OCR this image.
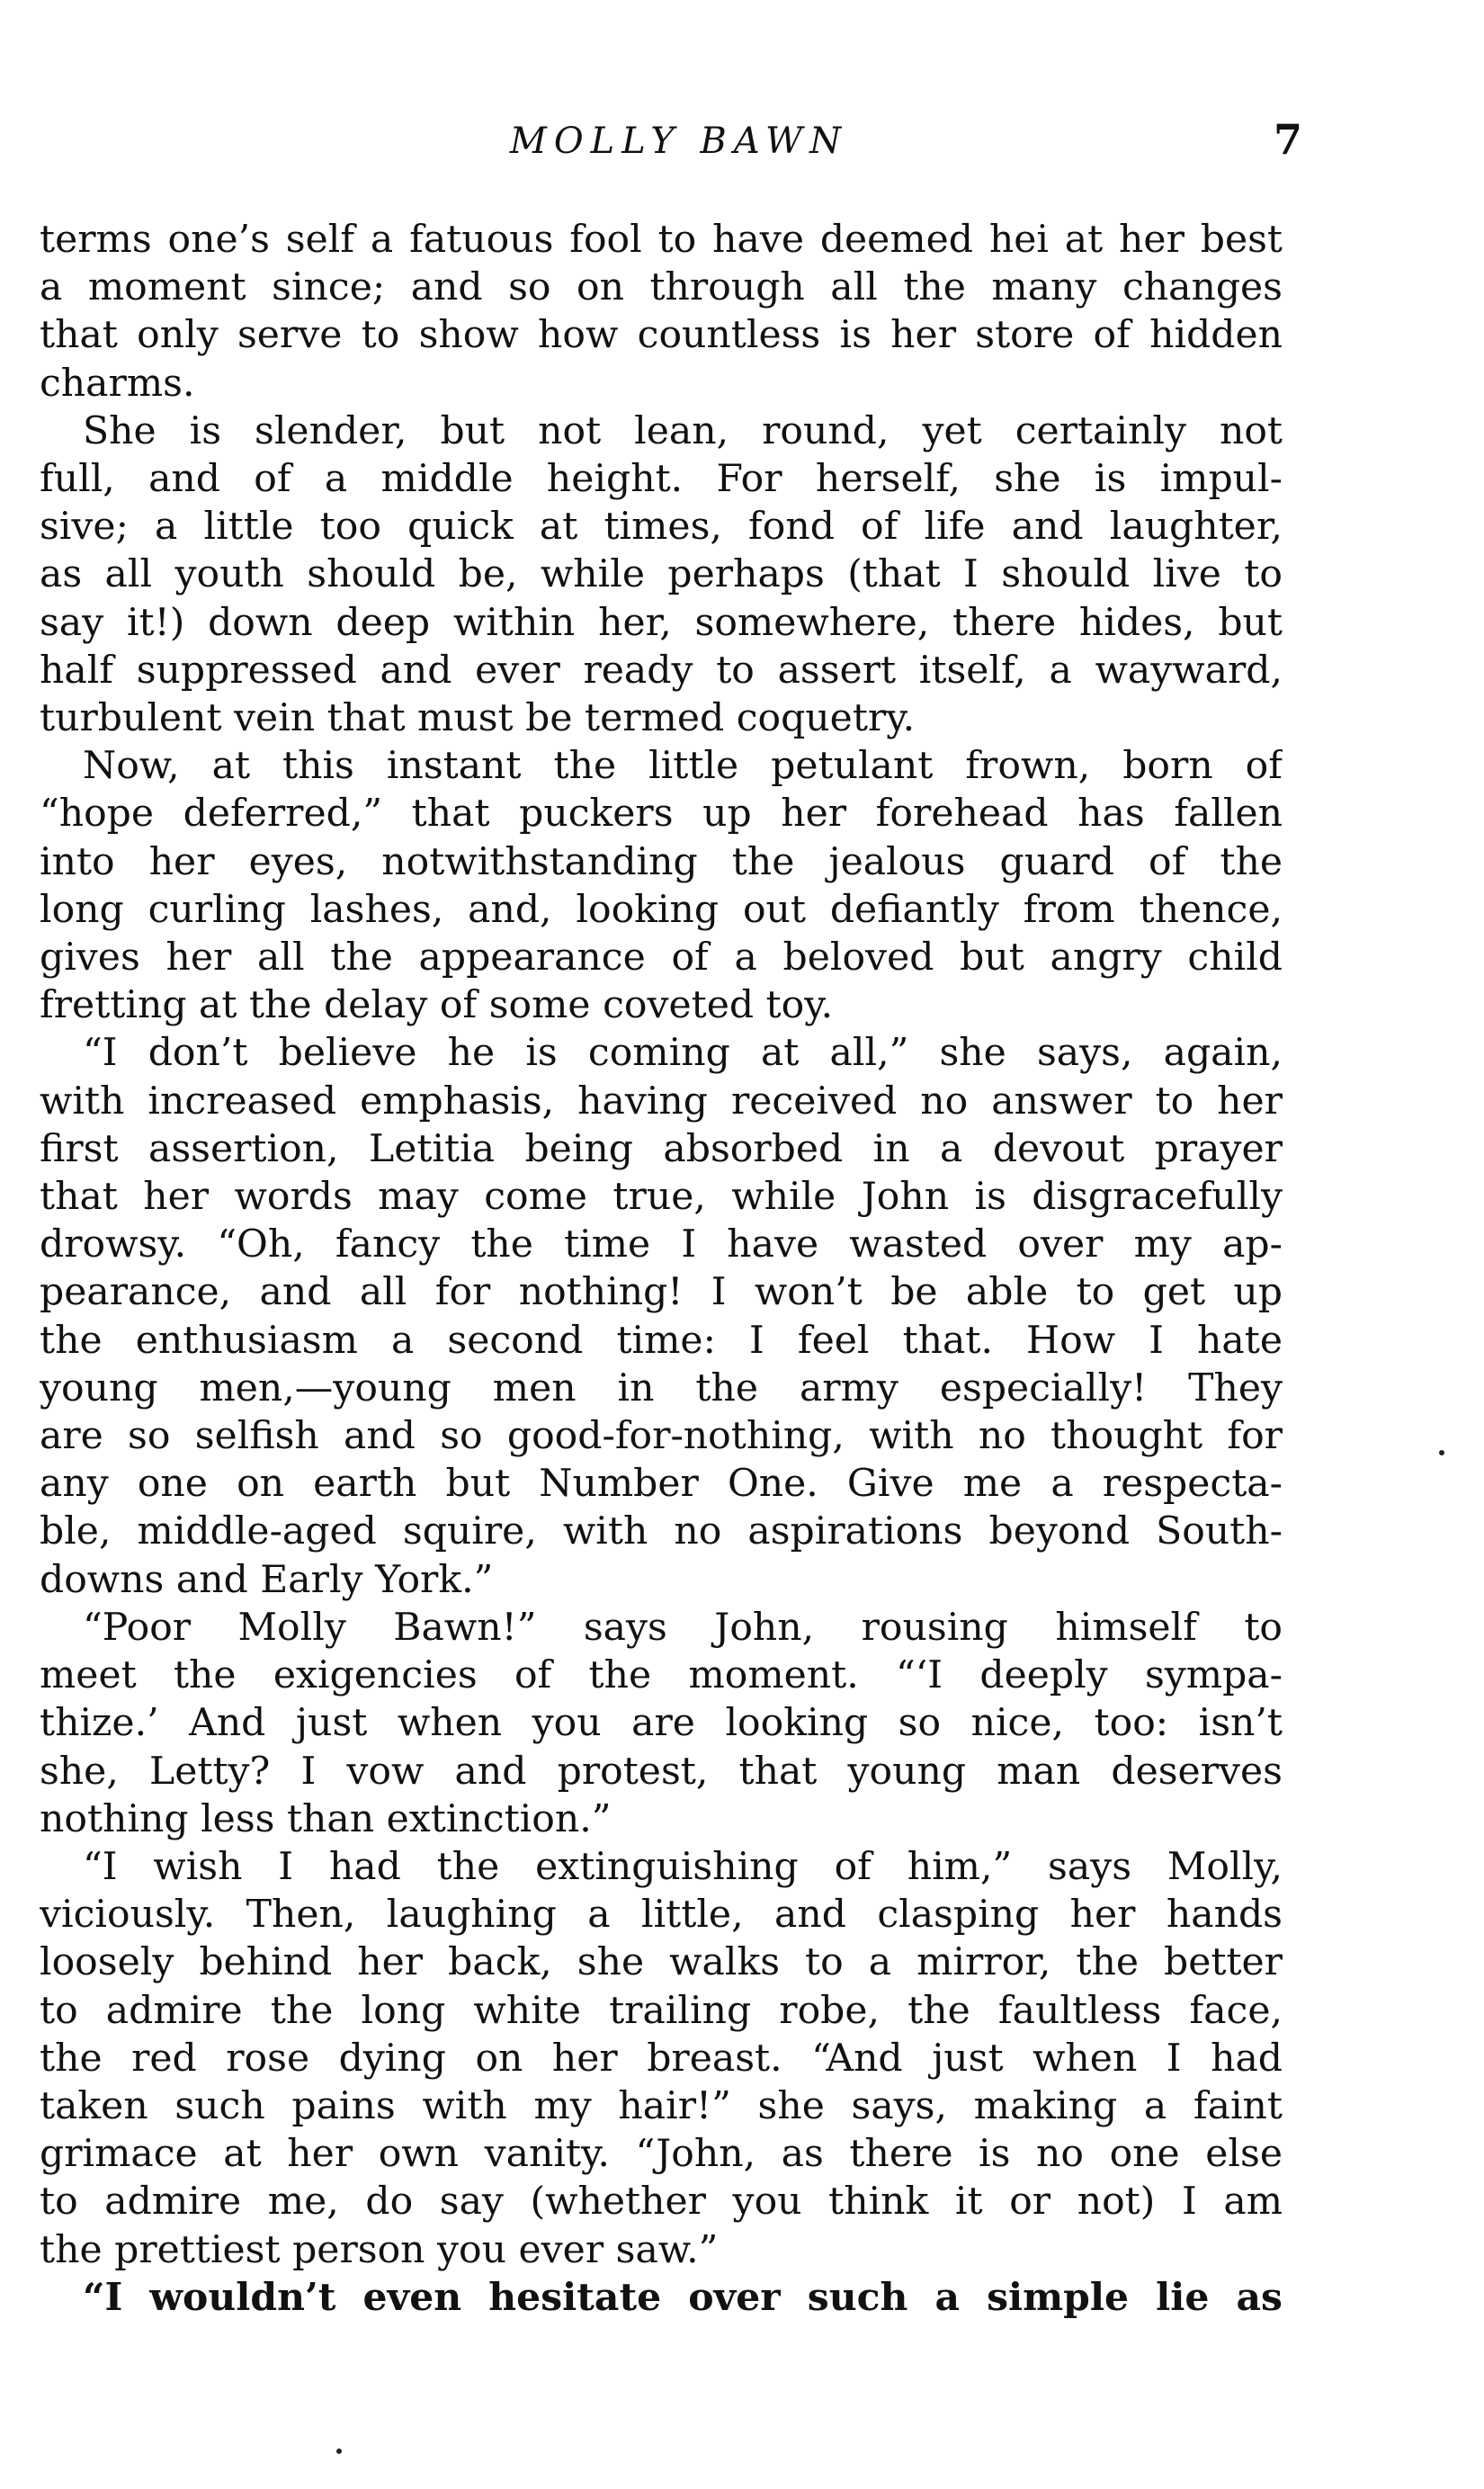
MOLLY BAWN	7
terms one’s self a fatuous fool to have deemed hei at her best
a moment since; and so on through all the many changes
that only serve to show how countless is her store of hidden
charms.
She is slender, but not lean, round, yet certainly not
full, and of a middle height. For herself, she is impul-
sive; a little too quick at times, fond of life and laughter,
as all youth should be, while perhaps (that I should live to
say it!) down deep within her, somewhere, there hides, but
half suppressed and ever ready to assert itself, a wayward,
turbulent vein that must be termed coquetry.
Now, at this instant the little petulant frown, born of
“hope deferred,” that puckers up her forehead has fallen
into her eyes, notwithstanding the jealous guard of the
long curling lashes, and, looking out defiantly from thence,
gives her all the appearance of a beloved but angry child
fretting at the delay of some coveted toy.
“I don’t believe he is coming at all,” she says, again,
with increased emphasis, having received no answer to her
first assertion, Letitia being absorbed in a devout prayer
that her words may come true, while John is disgracefully
drowsy. “Oh, fancy the time I have wasted over my ap-
pearance, and all for nothing! I won’t be able to get up
the enthusiasm a second time: I feel that. How I hate
young men,—young men in the army especially! They
are so selfish and so good-for-nothing, with no thought for
any one on earth but Number One. Give me a respecta-
ble, middle-aged squire, with no aspirations beyond South-
downs and Early York.”
“Poor Molly Bawn!” says John, rousing himself to
meet the exigencies of the moment. “‘I deeply sympa-
thize.’ And just when you are looking so nice, too: isn’t
she, Letty? I vow and protest, that young man deserves
nothing less than extinction.”
“I wish I had the extinguishing of him,” says Molly,
viciously. Then, laughing a little, and clasping her hands
loosely behind her back, she walks to a mirror, the better
to admire the long white trailing robe, the faultless face,
the red rose dying on her breast. “And just when I had
taken such pains with my hair!” she says, making a faint
grimace at her own vanity. “John, as there is no one else
to admire me, do say (whether you think it or not) I am
the prettiest person you ever saw.”
“I wouldn’t even hesitate over such a simple lie as
